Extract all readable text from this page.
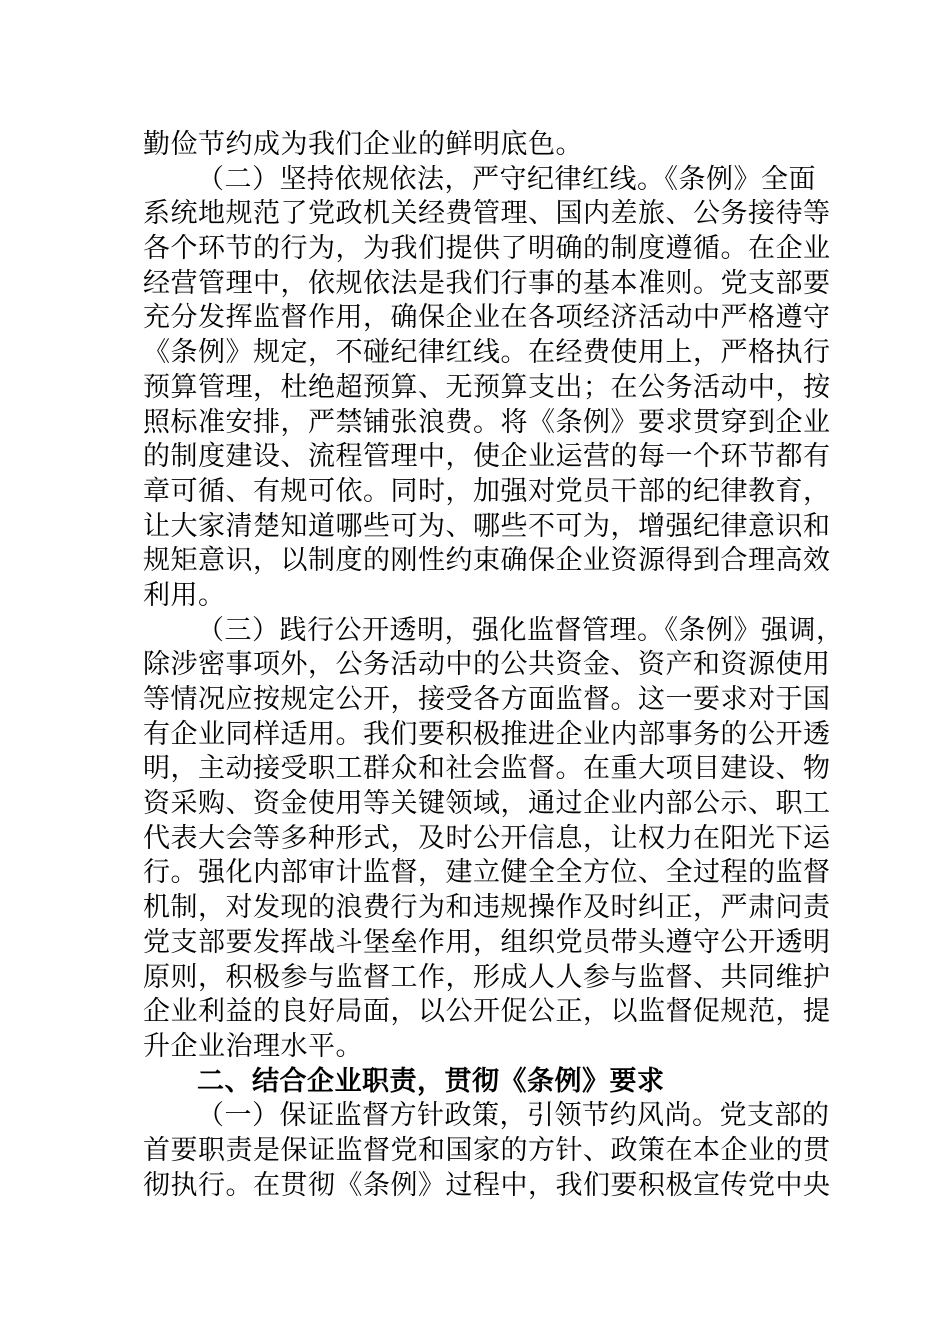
勤俭节约成为我们企业的鲜明底色。
（二）坚持依规依法，严守纪律红线。《条例》全面
系统地规范了党政机关经费管理、国内差旅、公务接待等
各个环节的行为，为我们提供了明确的制度遵循。在企业
经营管理中，依规依法是我们行事的基本准则。党支部要
充分发挥监督作用，确保企业在各项经济活动中严格遵守
《条例》规定，不碰纪律红线。在经费使用上，严格执行
预算管理，杜绝超预算、无预算支出；在公务活动中，按
照标准安排，严禁铺张浪费。将《条例》要求贯穿到企业
的制度建设、流程管理中，使企业运营的每一个环节都有
章可循、有规可依。同时，加强对党员干部的纪律教育，
让大家清楚知道哪些可为、哪些不可为，增强纪律意识和
规矩意识，以制度的刚性约束确保企业资源得到合理高效
利用。
（三）践行公开透明，强化监督管理。《条例》强调，
除涉密事项外，公务活动中的公共资金、资产和资源使用
等情况应按规定公开，接受各方面监督。这一要求对于国
有企业同样适用。我们要积极推进企业内部事务的公开透
明，主动接受职工群众和社会监督。在重大项目建设、物
资采购、资金使用等关键领域，通过企业内部公示、职工
代表大会等多种形式，及时公开信息，让权力在阳光下运
行。强化内部审计监督，建立健全全方位、全过程的监督
机制，对发现的浪费行为和违规操作及时纠正，严肃问责
党支部要发挥战斗堡垒作用，组织党员带头遵守公开透明
原则，积极参与监督工作，形成人人参与监督、共同维护
企业利益的良好局面，以公开促公正，以监督促规范，提
升企业治理水平。
二、结合企业职责，贯彻《条例》要求
（一）保证监督方针政策，引领节约风尚。党支部的
首要职责是保证监督党和国家的方针、政策在本企业的贯
彻执行。在贯彻《条例》过程中，我们要积极宣传党中央
